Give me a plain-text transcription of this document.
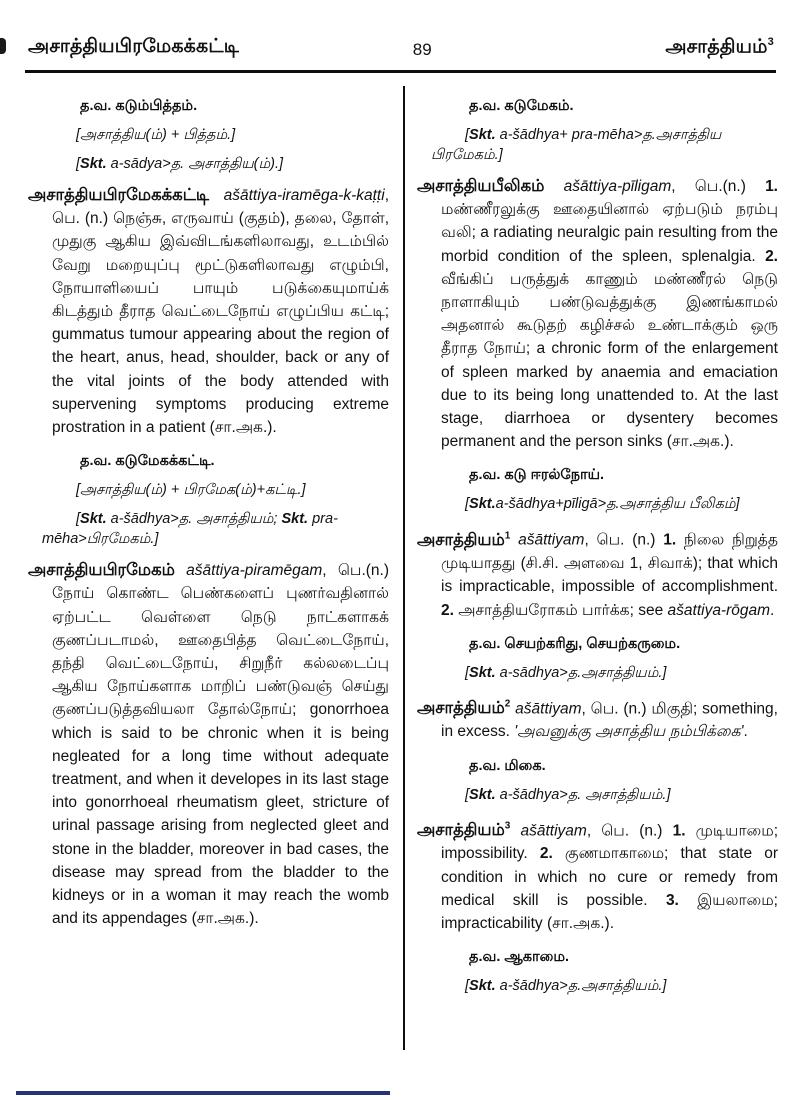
அசாத்தியபிரமேகக்கட்டி	89	அசாத்தியம்$^3$
த.வ. கடும்பித்தம்.
[அசாத்திய(ம்) + பித்தம்.]
[Skt. a-sādya>த. அசாத்திய(ம்).]

அசாத்தியபிரமேகக்கட்டி ašāttiya-iramēga-k-kaṭṭi, பெ. (n.) நெஞ்சு, எருவாய் (குதம்), தலை, தோள், முதுகு ஆகிய இவ்விடங்களிலாவது, உடம்பில் வேறு மறையுப்பு மூட்டுகளிலாவது எழும்பி, நோயாளியைப் பாயும் படுக்கையுமாய்க் கிடத்தும் தீராத வெட்டைநோய் எழுப்பிய கட்டி; gummatus tumour appearing about the region of the heart, anus, head, shoulder, back or any of the vital joints of the body attended with supervening symptoms producing extreme prostration in a patient (சா.அக.).

த.வ. கடுமேகக்கட்டி.
[அசாத்திய(ம்) + பிரமேக(ம்)+கட்டி.]
[Skt. a-šādhya>த. அசாத்தியம்; Skt. pra-mēha>பிரமேகம்.]

அசாத்தியபிரமேகம் ašāttiya-piramēgam, பெ.(n.) நோய் கொண்ட பெண்களைப் புணர்வதினால் ஏற்பட்ட வெள்ளை நெடு நாட்களாகக் குணப்படாமல், ஊதைபித்த வெட்டைநோய், தந்தி வெட்டைநோய், சிறுநீர் கல்லடைப்பு ஆகிய நோய்களாக மாறிப் பண்டுவஞ் செய்து குணப்படுத்தவியலா தோல்நோய்; gonorrhoea which is said to be chronic when it is being negleated for a long time without adequate treatment, and when it developes in its last stage into gonorrhoeal rheumatism gleet, stricture of urinal passage arising from neglected gleet and stone in the bladder, moreover in bad cases, the disease may spread from the bladder to the kidneys or in a woman it may reach the womb and its appendages (சா.அக.).

த.வ. கடுமேகம்.
[Skt. a-šādhya+ pra-mēha>த.அசாத்திய பிரமேகம்.]

அசாத்தியபீலிகம் ašāttiya-pīligam, பெ.(n.) 1. மண்ணீரலுக்கு ஊதையினால் ஏற்படும் நரம்பு வலி; a radiating neuralgic pain resulting from the morbid condition of the spleen, splenalgia. 2. வீங்கிப் பருத்துக் காணும் மண்ணீரல் நெடு நாளாகியும் பண்டுவத்துக்கு இணங்காமல் அதனால் கூடுதற் கழிச்சல் உண்டாக்கும் ஒரு தீராத நோய்; a chronic form of the enlargement of spleen marked by anaemia and emaciation due to its being long unattended to. At the last stage, diarrhoea or dysentery becomes permanent and the person sinks (சா.அக.).

த.வ. கடு ஈரல்நோய்.
[Skt.a-šādhya+pīligā>த.அசாத்திய பீலிகம்]

அசாத்தியம்$^1$ ašāttiyam, பெ. (n.) 1. நிலை நிறுத்த முடியாதது (சி.சி. அளவை 1, சிவாக்); that which is impracticable, impossible of accomplishment. 2. அசாத்தியரோகம் பார்க்க; see ašattiya-rōgam.

த.வ. செயற்கரிது, செயற்கருமை.
[Skt. a-sādhya>த.அசாத்தியம்.]

அசாத்தியம்$^2$ ašāttiyam, பெ. (n.) மிகுதி; something, in excess. 'அவனுக்கு அசாத்திய நம்பிக்கை'.

த.வ. மிகை.
[Skt. a-šādhya>த. அசாத்தியம்.]

அசாத்தியம்$^3$ ašāttiyam, பெ. (n.) 1. முடியாமை; impossibility. 2. குணமாகாமை; that state or condition in which no cure or remedy from medical skill is possible. 3. இயலாமை; impracticability (சா.அக.).

த.வ. ஆகாமை.
[Skt. a-šādhya>த.அசாத்தியம்.]
